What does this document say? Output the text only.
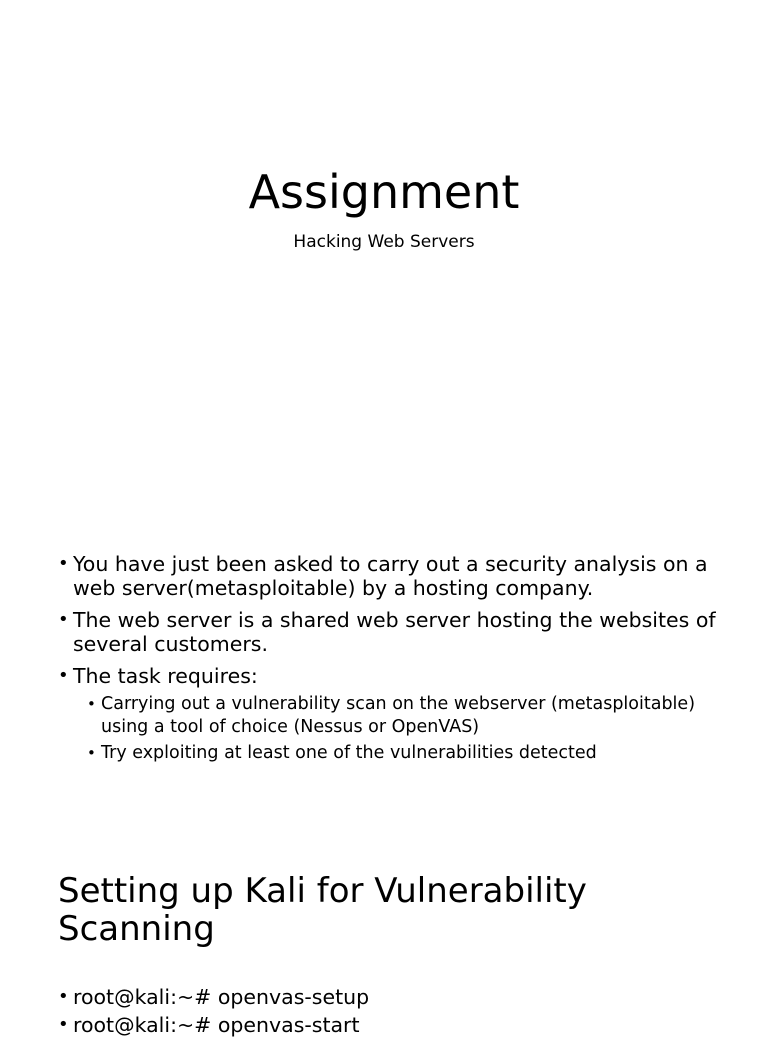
Assignment

Hacking Web Servers

• You have just been asked to carry out a security analysis on a web server(metasploitable) by a hosting company.
• The web server is a shared web server hosting the websites of several customers.
• The task requires:
• Carrying out a vulnerability scan on the webserver (metasploitable) using a tool of choice (Nessus or OpenVAS)
• Try exploiting at least one of the vulnerabilities detected
Setting up Kali for Vulnerability Scanning
• root@kali:~# openvas-setup
• root@kali:~# openvas-start
